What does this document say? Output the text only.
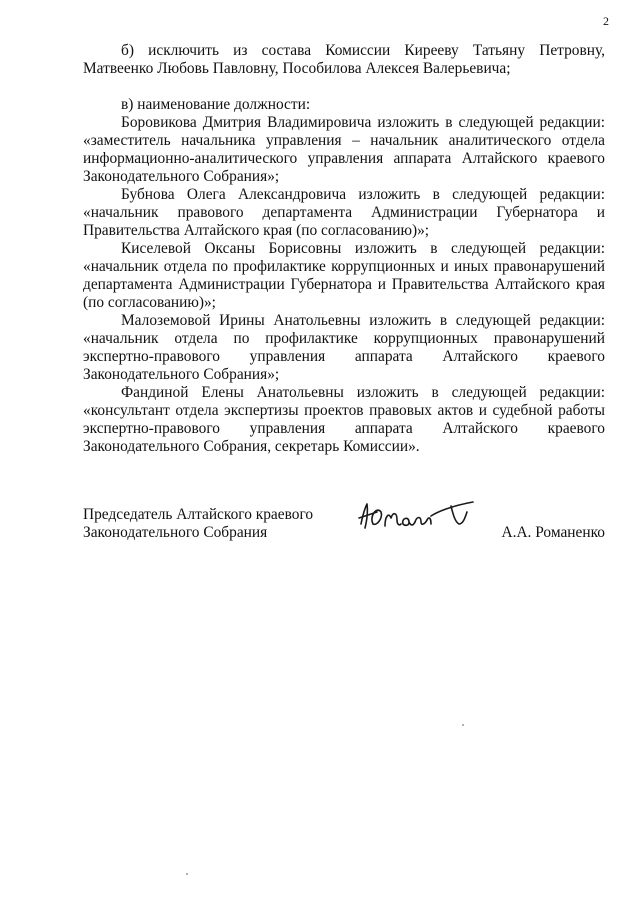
2

б) исключить из состава Комиссии Кирееву Татьяну Петровну, Матвеенко Любовь Павловну, Пособилова Алексея Валерьевича;

в) наименование должности:

Боровикова Дмитрия Владимировича изложить в следующей редакции: «заместитель начальника управления – начальник аналитического отдела информационно-аналитического управления аппарата Алтайского краевого Законодательного Собрания»;

Бубнова Олега Александровича изложить в следующей редакции: «начальник правового департамента Администрации Губернатора и Правительства Алтайского края (по согласованию)»;

Киселевой Оксаны Борисовны изложить в следующей редакции: «начальник отдела по профилактике коррупционных и иных правонарушений департамента Администрации Губернатора и Правительства Алтайского края (по согласованию)»;

Малоземовой Ирины Анатольевны изложить в следующей редакции: «начальник отдела по профилактике коррупционных правонарушений экспертно-правового управления аппарата Алтайского краевого Законодательного Собрания»;

Фандиной Елены Анатольевны изложить в следующей редакции: «консультант отдела экспертизы проектов правовых актов и судебной работы экспертно-правового управления аппарата Алтайского краевого Законодательного Собрания, секретарь Комиссии».

Председатель Алтайского краевого
Законодательного Собрания	А.А. Романенко
